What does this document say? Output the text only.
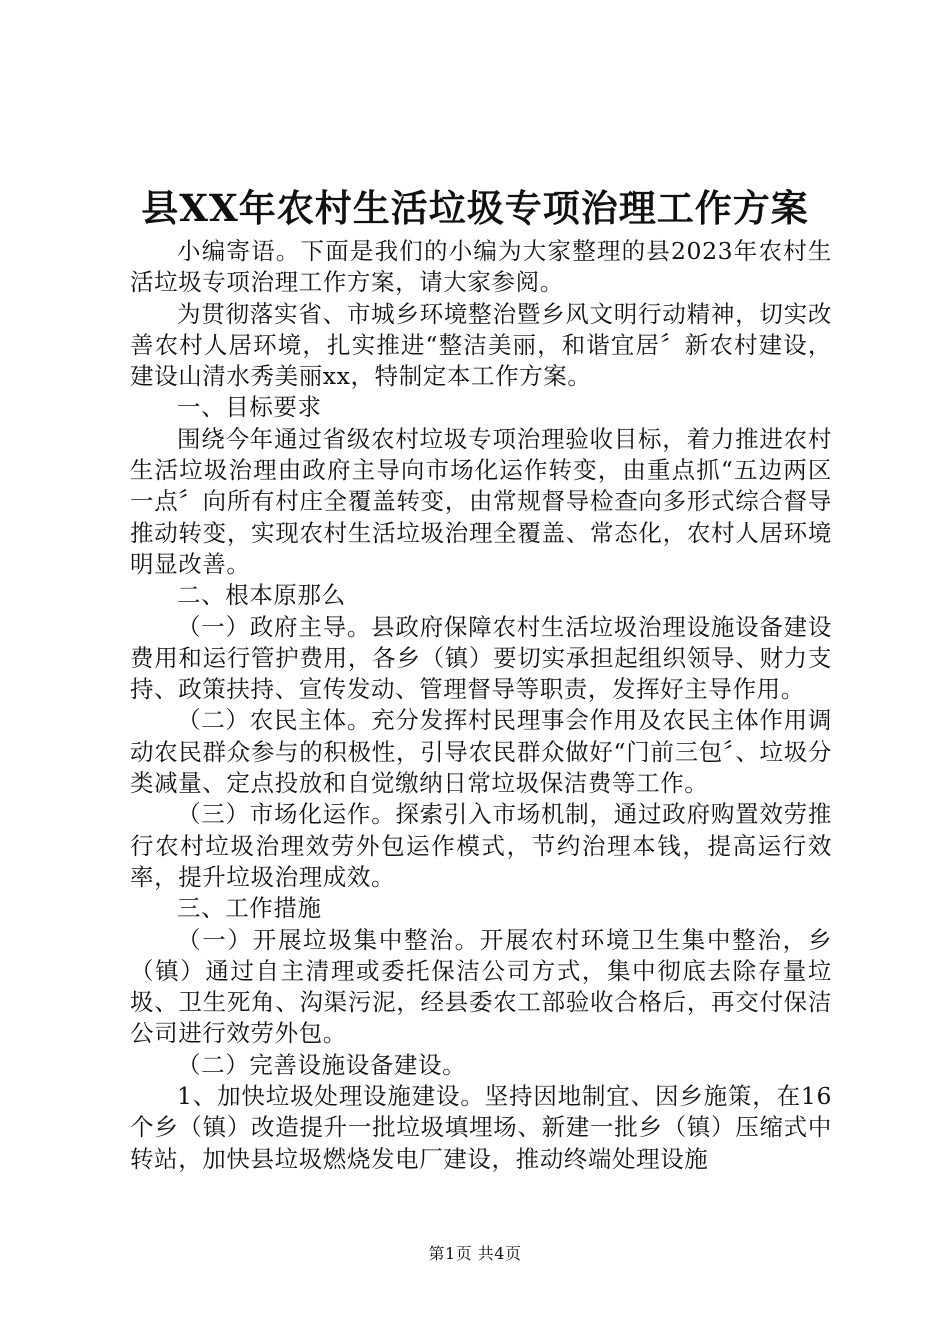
县XX年农村生活垃圾专项治理工作方案

小编寄语。下面是我们的小编为大家整理的县2023年农村生活垃圾专项治理工作方案，请大家参阅。

为贯彻落实省、市城乡环境整治暨乡风文明行动精神，切实改善农村人居环境，扎实推进“整洁美丽，和谐宜居〞新农村建设，建设山清水秀美丽xx，特制定本工作方案。

一、目标要求

围绕今年通过省级农村垃圾专项治理验收目标，着力推进农村生活垃圾治理由政府主导向市场化运作转变，由重点抓“五边两区一点〞向所有村庄全覆盖转变，由常规督导检查向多形式综合督导推动转变，实现农村生活垃圾治理全覆盖、常态化，农村人居环境明显改善。

二、根本原那么

（一）政府主导。县政府保障农村生活垃圾治理设施设备建设费用和运行管护费用，各乡（镇）要切实承担起组织领导、财力支持、政策扶持、宣传发动、管理督导等职责，发挥好主导作用。

（二）农民主体。充分发挥村民理事会作用及农民主体作用调动农民群众参与的积极性，引导农民群众做好“门前三包〞、垃圾分类减量、定点投放和自觉缴纳日常垃圾保洁费等工作。

（三）市场化运作。探索引入市场机制，通过政府购置效劳推行农村垃圾治理效劳外包运作模式，节约治理本钱，提高运行效率，提升垃圾治理成效。

三、工作措施

（一）开展垃圾集中整治。开展农村环境卫生集中整治，乡（镇）通过自主清理或委托保洁公司方式，集中彻底去除存量垃圾、卫生死角、沟渠污泥，经县委农工部验收合格后，再交付保洁公司进行效劳外包。

（二）完善设施设备建设。

1、加快垃圾处理设施建设。坚持因地制宜、因乡施策，在16个乡（镇）改造提升一批垃圾填埋场、新建一批乡（镇）压缩式中转站，加快县垃圾燃烧发电厂建设，推动终端处理设施

第1页 共4页
